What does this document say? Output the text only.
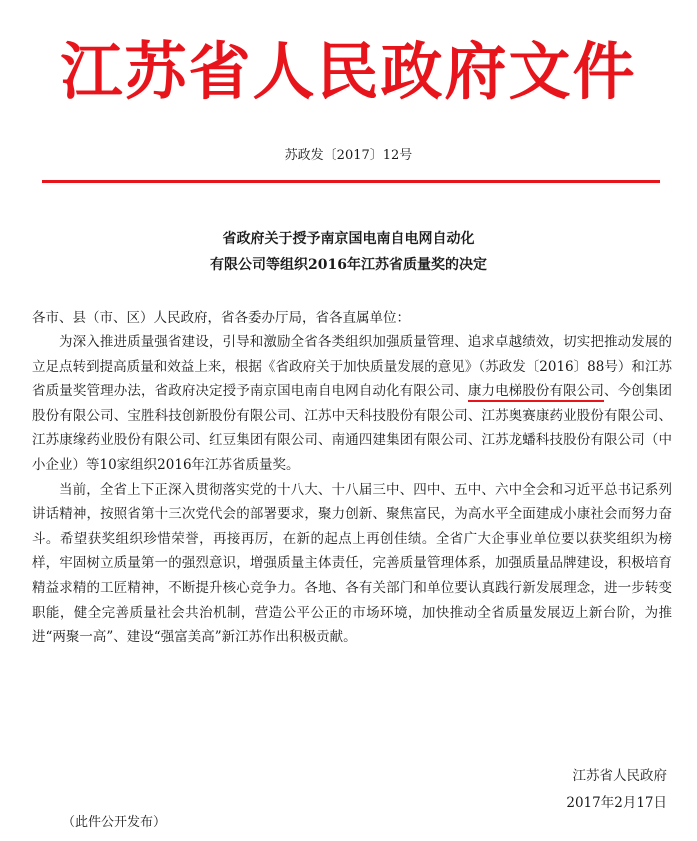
江苏省人民政府文件
苏政发〔2017〕12号
省政府关于授予南京国电南自电网自动化
有限公司等组织2016年江苏省质量奖的决定
各市、县（市、区）人民政府，省各委办厅局，省各直属单位：

为深入推进质量强省建设，引导和激励全省各类组织加强质量管理、追求卓越绩效，切实把推动发展的立足点转到提高质量和效益上来，根据《省政府关于加快质量发展的意见》（苏政发〔2016〕88号）和江苏省质量奖管理办法，省政府决定授予南京国电南自电网自动化有限公司、康力电梯股份有限公司、今创集团股份有限公司、宝胜科技创新股份有限公司、江苏中天科技股份有限公司、江苏奥赛康药业股份有限公司、江苏康缘药业股份有限公司、红豆集团有限公司、南通四建集团有限公司、江苏龙蟠科技股份有限公司（中小企业）等10家组织2016年江苏省质量奖。

当前，全省上下正深入贯彻落实党的十八大、十八届三中、四中、五中、六中全会和习近平总书记系列讲话精神，按照省第十三次党代会的部署要求，聚力创新、聚焦富民，为高水平全面建成小康社会而努力奋斗。希望获奖组织珍惜荣誉，再接再厉，在新的起点上再创佳绩。全省广大企事业单位要以获奖组织为榜样，牢固树立质量第一的强烈意识，增强质量主体责任，完善质量管理体系，加强质量品牌建设，积极培育精益求精的工匠精神，不断提升核心竞争力。各地、各有关部门和单位要认真践行新发展理念，进一步转变职能，健全完善质量社会共治机制，营造公平公正的市场环境，加快推动全省质量发展迈上新台阶，为推进“两聚一高”、建设“强富美高”新江苏作出积极贡献。

江苏省人民政府
2017年2月17日
（此件公开发布）
